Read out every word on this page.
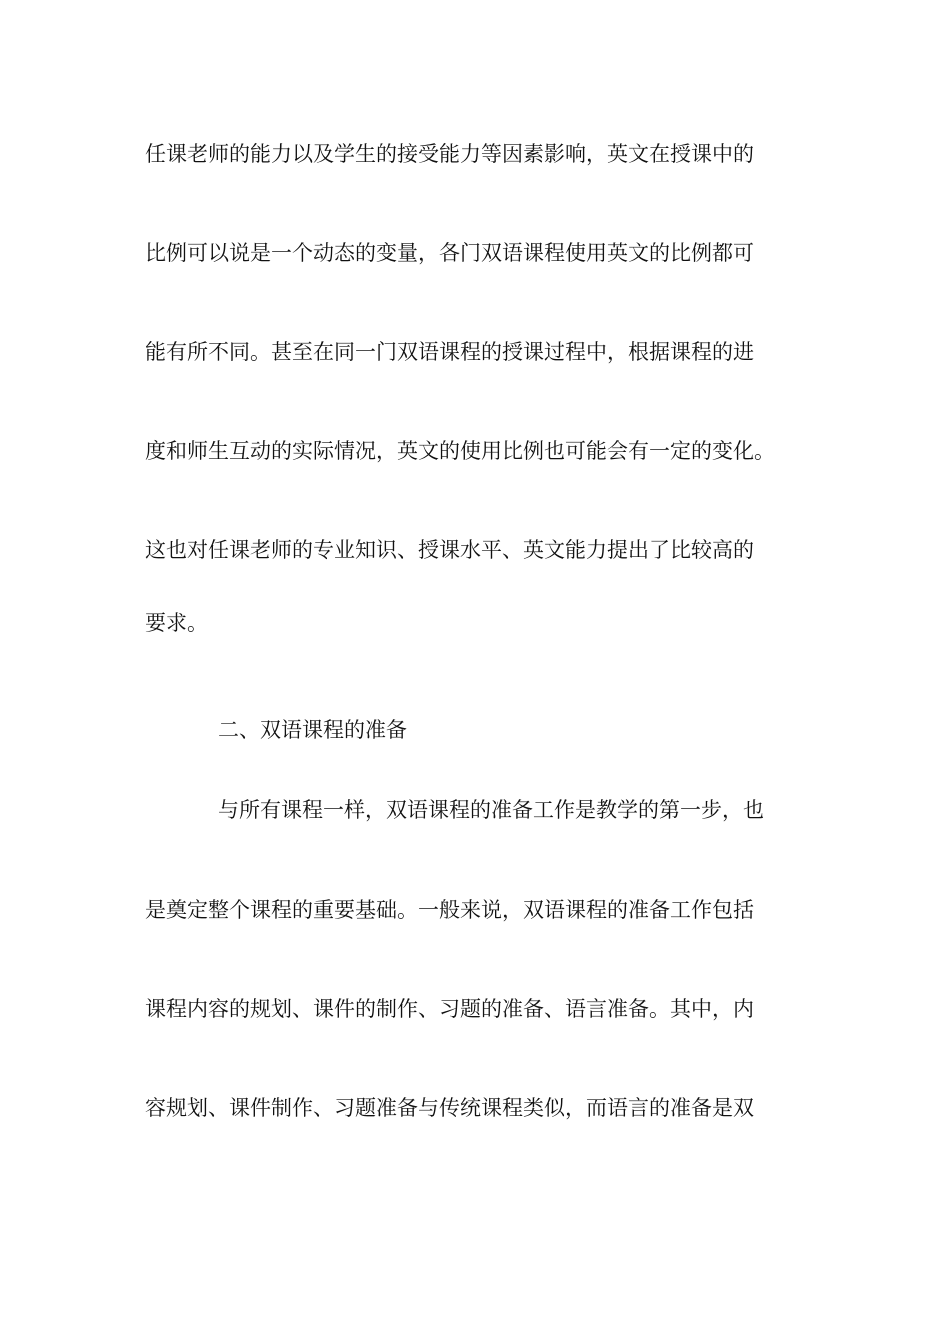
任课老师的能力以及学生的接受能力等因素影响，英文在授课中的

比例可以说是一个动态的变量，各门双语课程使用英文的比例都可

能有所不同。甚至在同一门双语课程的授课过程中，根据课程的进

度和师生互动的实际情况，英文的使用比例也可能会有一定的变化。

这也对任课老师的专业知识、授课水平、英文能力提出了比较高的

要求。

二、双语课程的准备

与所有课程一样，双语课程的准备工作是教学的第一步，也

是奠定整个课程的重要基础。一般来说，双语课程的准备工作包括

课程内容的规划、课件的制作、习题的准备、语言准备。其中，内

容规划、课件制作、习题准备与传统课程类似，而语言的准备是双
